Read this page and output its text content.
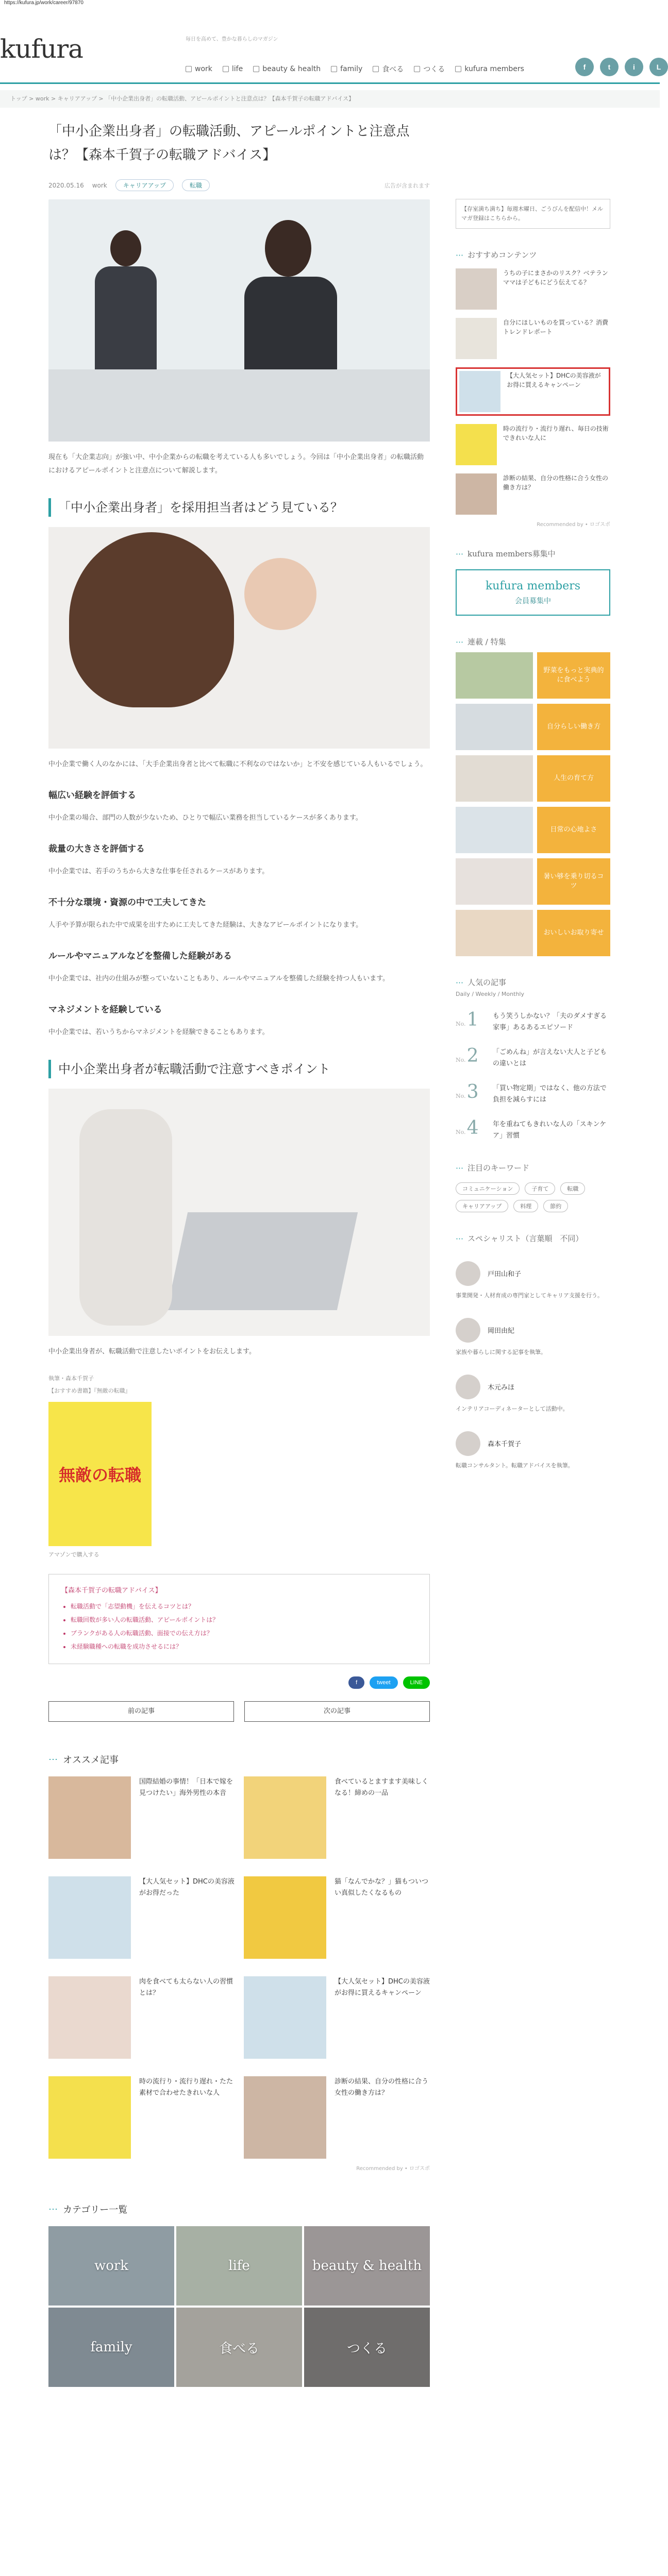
https://kufura.jp/work/career/97870
kufura	毎日を高めて、豊かな暮らしのマガジン
work	life	beauty & health	family	食べる	つくる	kufura members	f	t	i	L
トップ > work > キャリアアップ > 「中小企業出身者」の転職活動、アピールポイントと注意点は？【森本千賀子の転職アドバイス】
「中小企業出身者」の転職活動、アピールポイントと注意点は？【森本千賀子の転職アドバイス】
2020.05.16 work	キャリアアップ	転職	広告が含まれます

現在も「大企業志向」が強い中、中小企業からの転職を考えている人も多いでしょう。今回は「中小企業出身者」の転職活動におけるアピールポイントと注意点について解説します。

「中小企業出身者」を採用担当者はどう見ている？

中小企業で働く人のなかには、「大手企業出身者と比べて転職に不利なのではないか」と不安を感じている人もいるでしょう。

幅広い経験を評価する

中小企業の場合、部門の人数が少ないため、ひとりで幅広い業務を担当しているケースが多くあります。

裁量の大きさを評価する

中小企業では、若手のうちから大きな仕事を任されるケースがあります。

不十分な環境・資源の中で工夫してきた

人手や予算が限られた中で成果を出すために工夫してきた経験は、大きなアピールポイントになります。

ルールやマニュアルなどを整備した経験がある

中小企業では、社内の仕組みが整っていないこともあり、ルールやマニュアルを整備した経験を持つ人もいます。

マネジメントを経験している

中小企業では、若いうちからマネジメントを経験できることもあります。

中小企業出身者が転職活動で注意すべきポイント

中小企業出身者が、転職活動で注意したいポイントをお伝えします。

執筆・森本千賀子
【おすすめ書籍】『無敵の転職』
無敵の転職
アマゾンで購入する
【森本千賀子の転職アドバイス】
• 転職活動で「志望動機」を伝えるコツとは？
• 転職回数が多い人の転職活動、アピールポイントは？
• ブランクがある人の転職活動、面接での伝え方は？
• 未経験職種への転職を成功させるには？
f	tweet	LINE
前の記事	次の記事
⋯ オススメ記事
国際結婚の事情！「日本で嫁を見つけたい」海外男性の本音
食べているとますます美味しくなる！締めの一品
【大人気セット】DHCの美容液がお得だった
猫「なんでかな？」猫もついつい真似したくなるもの
肉を食べても太らない人の習慣とは？
【大人気セット】DHCの美容液がお得に買えるキャンペーン
時の流行り・流行り遅れ・たた素材で合わせたきれいな人
診断の結果、自分の性格に合う女性の働き方は？
Recommended by • ロゴスポ
⋯ カテゴリー一覧
work	life	beauty & health
family	食べる	つくる
【存室満ち満ち】毎週木曜日、ごうびんを配信中！メルマガ登録はこちらから。
⋯ おすすめコンテンツ
うちの子にまさかのリスク？ベテランママは子どもにどう伝えてる？
自分にほしいものを買っている？消費トレンドレポート
【大人気セット】DHCの美容液がお得に買えるキャンペーン
時の流行り・流行り遅れ、毎日の技術できれいな人に
診断の結果、自分の性格に合う女性の働き方は？
Recommended by • ロゴスポ
⋯ kufura members募集中
kufura members
会員募集中
⋯ 連載 / 特集
野菜をもっと実典的に食べよう
自分らしい働き方
人生の育て方
日常の心地よさ
暑い够を乗り切るコツ
おいしいお取り寄せ
⋯ 人気の記事
Daily / Weekly / Monthly
No.1	もう笑うしかない？「夫のダメすぎる家事」あるあるエピソード
No.2	「ごめんね」が言えない大人と子どもの違いとは
No.3	「買い物定期」ではなく、他の方法で負担を減らすには
No.4	年を重ねてもきれいな人の「スキンケア」習慣
⋯ 注目のキーワード
コミュニケーション	子育て	転職
キャリアアップ	料理	節約
⋯ スペシャリスト（言葉順　不同）
戸田山和子
事業開発・人材育成の専門家としてキャリア支援を行う。
岡田由紀
家族や暮らしに関する記事を執筆。
木元みほ
インテリアコーディネーターとして活動中。
森本千賀子
転職コンサルタント。転職アドバイスを執筆。
